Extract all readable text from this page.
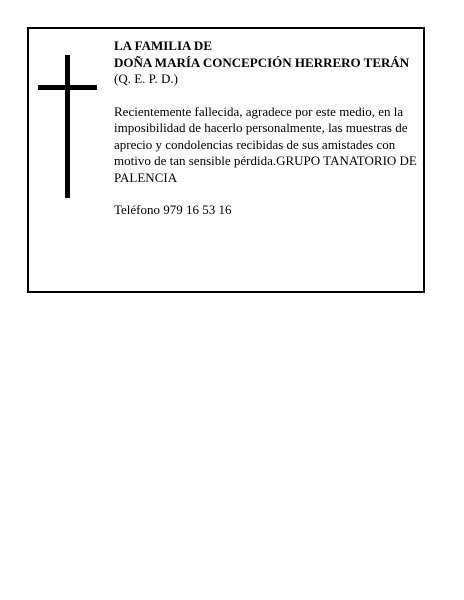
LA FAMILIA DE
DOÑA MARÍA CONCEPCIÓN HERRERO TERÁN
(Q. E. P. D.)
Recientemente fallecida, agradece por este medio, en la imposibilidad de hacerlo personalmente, las muestras de aprecio y condolencias recibidas de sus amistades con motivo de tan sensible pérdida.GRUPO TANATORIO DE PALENCIA
Teléfono 979 16 53 16
